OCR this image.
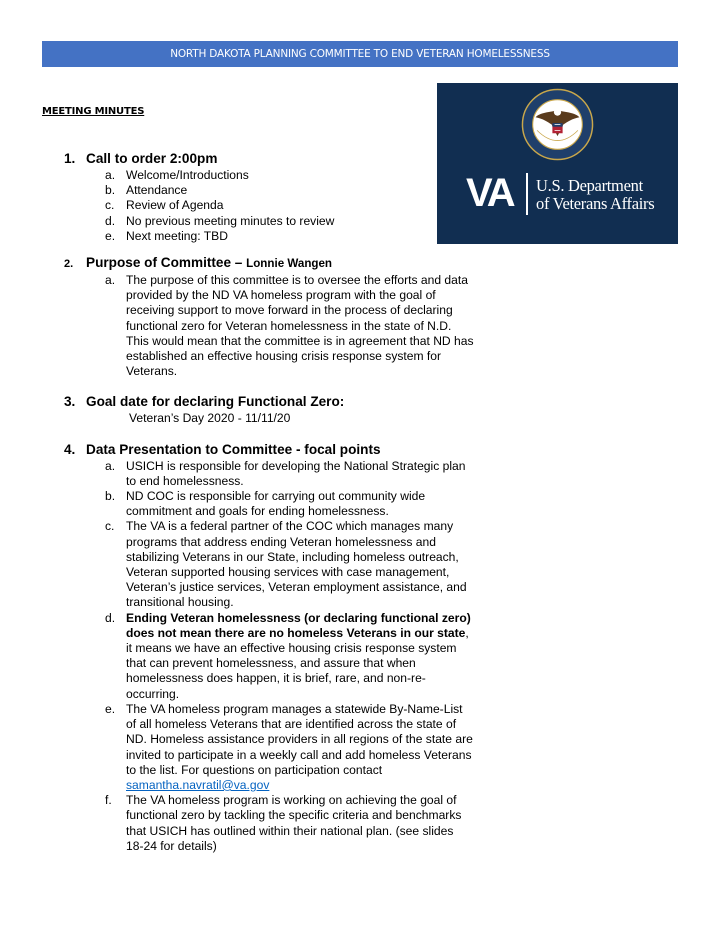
NORTH DAKOTA PLANNING COMMITTEE TO END VETERAN HOMELESSNESS
MEETING MINUTES
VA U.S. Department
of Veterans Affairs
1. Call to order 2:00pm
a. Welcome/Introductions
b. Attendance
c. Review of Agenda
d. No previous meeting minutes to review
e. Next meeting: TBD
2. Purpose of Committee – Lonnie Wangen
a. The purpose of this committee is to oversee the efforts and data provided by the ND VA homeless program with the goal of receiving support to move forward in the process of declaring functional zero for Veteran homelessness in the state of N.D. This would mean that the committee is in agreement that ND has established an effective housing crisis response system for Veterans.
3. Goal date for declaring Functional Zero:
Veteran’s Day 2020 - 11/11/20
4. Data Presentation to Committee - focal points
a. USICH is responsible for developing the National Strategic plan to end homelessness.
b. ND COC is responsible for carrying out community wide commitment and goals for ending homelessness.
c. The VA is a federal partner of the COC which manages many programs that address ending Veteran homelessness and stabilizing Veterans in our State, including homeless outreach, Veteran supported housing services with case management, Veteran’s justice services, Veteran employment assistance, and transitional housing.
d. Ending Veteran homelessness (or declaring functional zero) does not mean there are no homeless Veterans in our state, it means we have an effective housing crisis response system that can prevent homelessness, and assure that when homelessness does happen, it is brief, rare, and non-re-occurring.
e. The VA homeless program manages a statewide By-Name-List of all homeless Veterans that are identified across the state of ND. Homeless assistance providers in all regions of the state are invited to participate in a weekly call and add homeless Veterans to the list. For questions on participation contact samantha.navratil@va.gov
f. The VA homeless program is working on achieving the goal of functional zero by tackling the specific criteria and benchmarks that USICH has outlined within their national plan. (see slides 18-24 for details)
